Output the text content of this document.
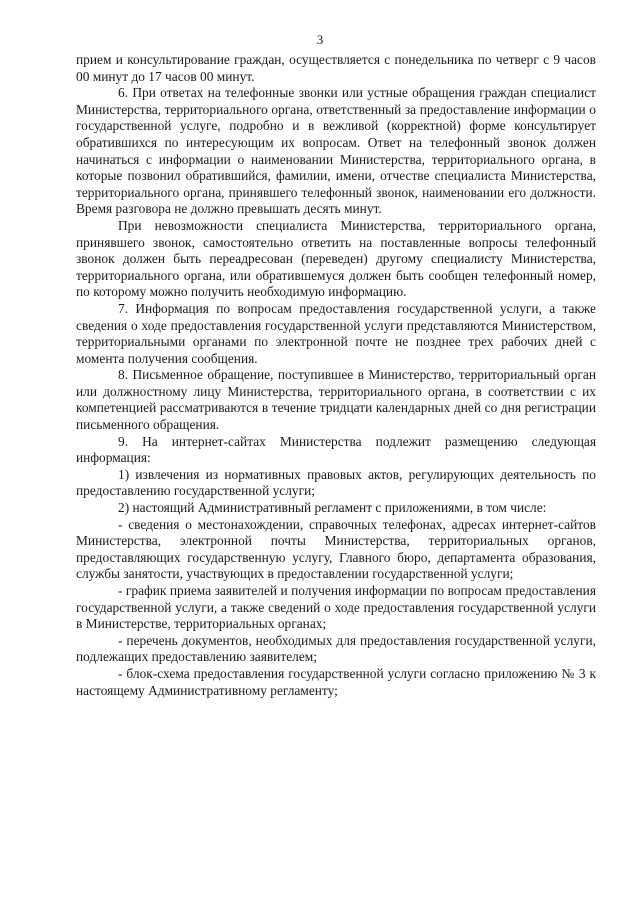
3

прием и консультирование граждан, осуществляется с понедельника по четверг с 9 часов 00 минут до 17 часов 00 минут.

6. При ответах на телефонные звонки или устные обращения граждан специалист Министерства, территориального органа, ответственный за предоставление информации о государственной услуге, подробно и в вежливой (корректной) форме консультирует обратившихся по интересующим их вопросам. Ответ на телефонный звонок должен начинаться с информации о наименовании Министерства, территориального органа, в которые позвонил обратившийся, фамилии, имени, отчестве специалиста Министерства, территориального органа, принявшего телефонный звонок, наименовании его должности. Время разговора не должно превышать десять минут.

При невозможности специалиста Министерства, территориального органа, принявшего звонок, самостоятельно ответить на поставленные вопросы телефонный звонок должен быть переадресован (переведен) другому специалисту Министерства, территориального органа, или обратившемуся должен быть сообщен телефонный номер, по которому можно получить необходимую информацию.

7. Информация по вопросам предоставления государственной услуги, а также сведения о ходе предоставления государственной услуги представляются Министерством, территориальными органами по электронной почте не позднее трех рабочих дней с момента получения сообщения.

8. Письменное обращение, поступившее в Министерство, территориальный орган или должностному лицу Министерства, территориального органа, в соответствии с их компетенцией рассматриваются в течение тридцати календарных дней со дня регистрации письменного обращения.

9. На интернет-сайтах Министерства подлежит размещению следующая информация:

1) извлечения из нормативных правовых актов, регулирующих деятельность по предоставлению государственной услуги;

2) настоящий Административный регламент с приложениями, в том числе:

- сведения о местонахождении, справочных телефонах, адресах интернет-сайтов Министерства, электронной почты Министерства, территориальных органов, предоставляющих государственную услугу, Главного бюро, департамента образования, службы занятости, участвующих в предоставлении государственной услуги;

- график приема заявителей и получения информации по вопросам предоставления государственной услуги, а также сведений о ходе предоставления государственной услуги в Министерстве, территориальных органах;

- перечень документов, необходимых для предоставления государственной услуги, подлежащих предоставлению заявителем;

- блок-схема предоставления государственной услуги согласно приложению № 3 к настоящему Административному регламенту;
